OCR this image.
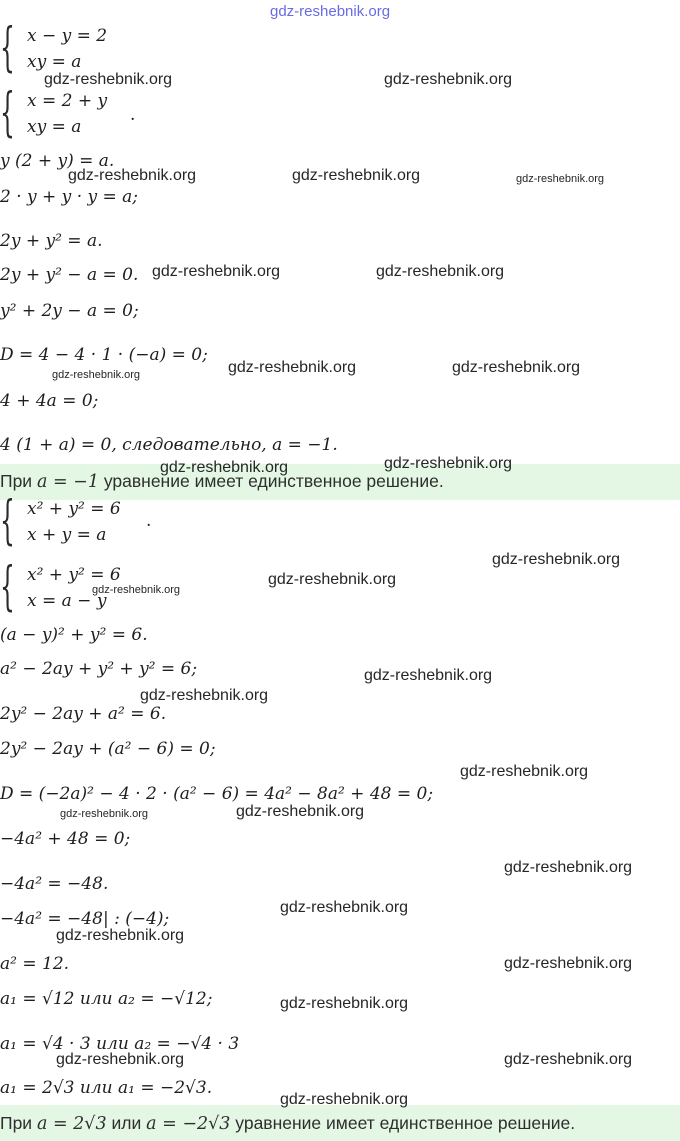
{ x − y = 2
xy = a
{ x = 2 + y
xy = a
.
y (2 + y) = a.
2 · y + y · y = a;
2y + y² = a.
2y + y² − a = 0.
y² + 2y − a = 0;
D = 4 − 4 · 1 · (−a) = 0;
4 + 4a = 0;
4 (1 + a) = 0, следовательно, a = −1.
При a = −1 уравнение имеет единственное решение.
{ x² + y² = 6
x + y = a
.
{ x² + y² = 6
x = a − y
(a − y)² + y² = 6.
a² − 2ay + y² + y² = 6;
2y² − 2ay + a² = 6.
2y² − 2ay + (a² − 6) = 0;
D = (−2a)² − 4 · 2 · (a² − 6) = 4a² − 8a² + 48 = 0;
−4a² + 48 = 0;
−4a² = −48.
−4a² = −48| : (−4);
a² = 12.
a₁ = √12 или a₂ = −√12;
a₁ = √4 · 3 или a₂ = −√4 · 3
a₁ = 2√3 или a₁ = −2√3.
При a = 2√3 или a = −2√3 уравнение имеет единственное решение.
gdz-reshebnik.org
gdz-reshebnik.org	gdz-reshebnik.org
gdz-reshebnik.org	gdz-reshebnik.org	gdz-reshebnik.org
gdz-reshebnik.org	gdz-reshebnik.org
gdz-reshebnik.org	gdz-reshebnik.org
gdz-reshebnik.org
gdz-reshebnik.org	gdz-reshebnik.org
gdz-reshebnik.org
gdz-reshebnik.org
gdz-reshebnik.org
gdz-reshebnik.org
gdz-reshebnik.org
gdz-reshebnik.org
gdz-reshebnik.org	gdz-reshebnik.org
gdz-reshebnik.org
gdz-reshebnik.org
gdz-reshebnik.org
gdz-reshebnik.org
gdz-reshebnik.org
gdz-reshebnik.org	gdz-reshebnik.org
gdz-reshebnik.org
